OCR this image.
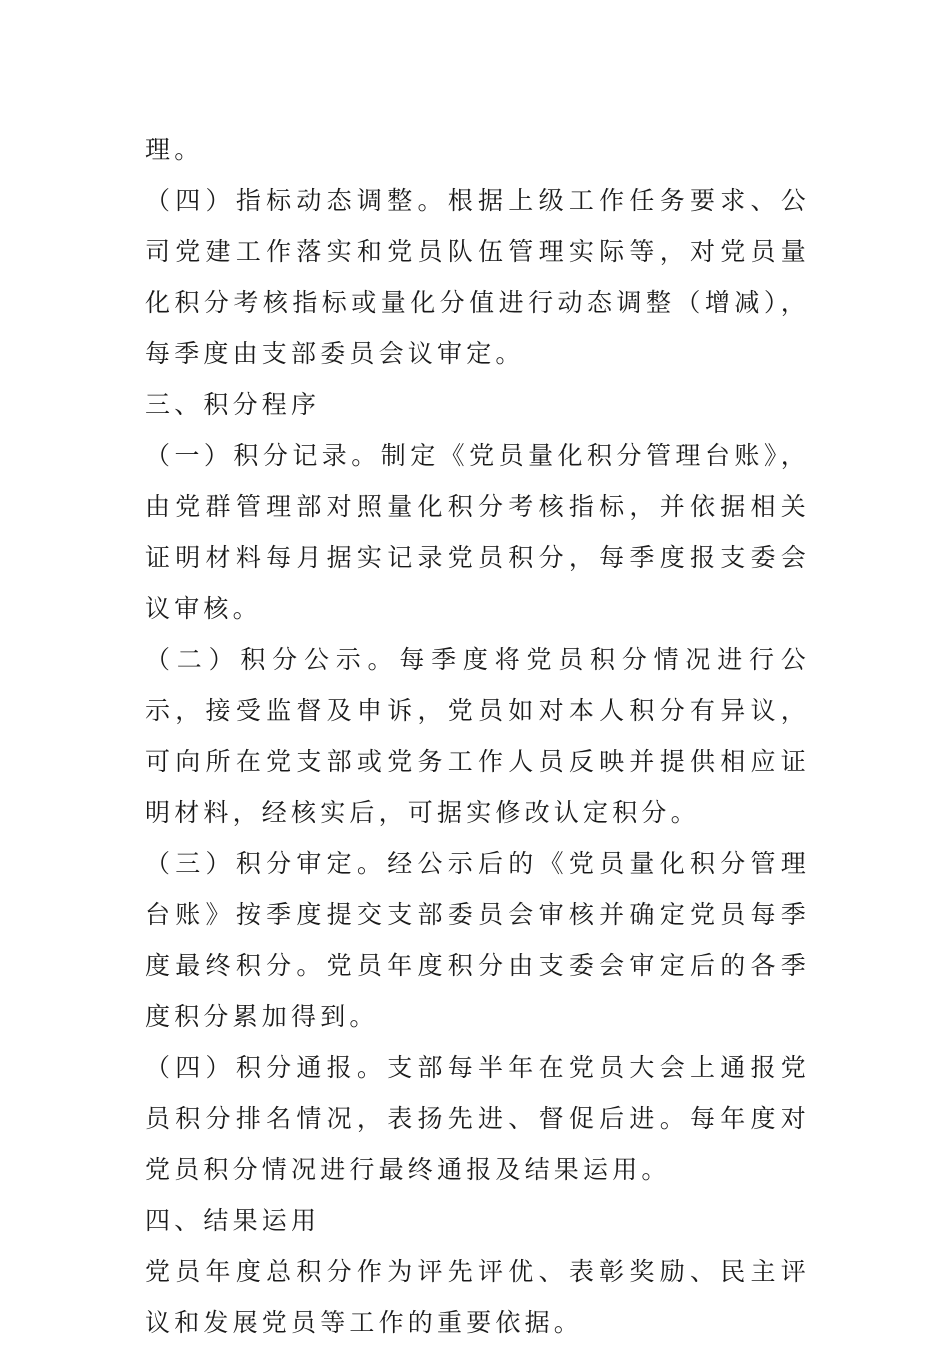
理。

（四）指标动态调整。根据上级工作任务要求、公司党建工作落实和党员队伍管理实际等，对党员量化积分考核指标或量化分值进行动态调整（增减），每季度由支部委员会议审定。

三、积分程序

（一）积分记录。制定《党员量化积分管理台账》，由党群管理部对照量化积分考核指标，并依据相关证明材料每月据实记录党员积分，每季度报支委会议审核。

（二）积分公示。每季度将党员积分情况进行公示，接受监督及申诉，党员如对本人积分有异议，可向所在党支部或党务工作人员反映并提供相应证明材料，经核实后，可据实修改认定积分。

（三）积分审定。经公示后的《党员量化积分管理台账》按季度提交支部委员会审核并确定党员每季度最终积分。党员年度积分由支委会审定后的各季度积分累加得到。

（四）积分通报。支部每半年在党员大会上通报党员积分排名情况，表扬先进、督促后进。每年度对党员积分情况进行最终通报及结果运用。

四、结果运用

党员年度总积分作为评先评优、表彰奖励、民主评议和发展党员等工作的重要依据。
